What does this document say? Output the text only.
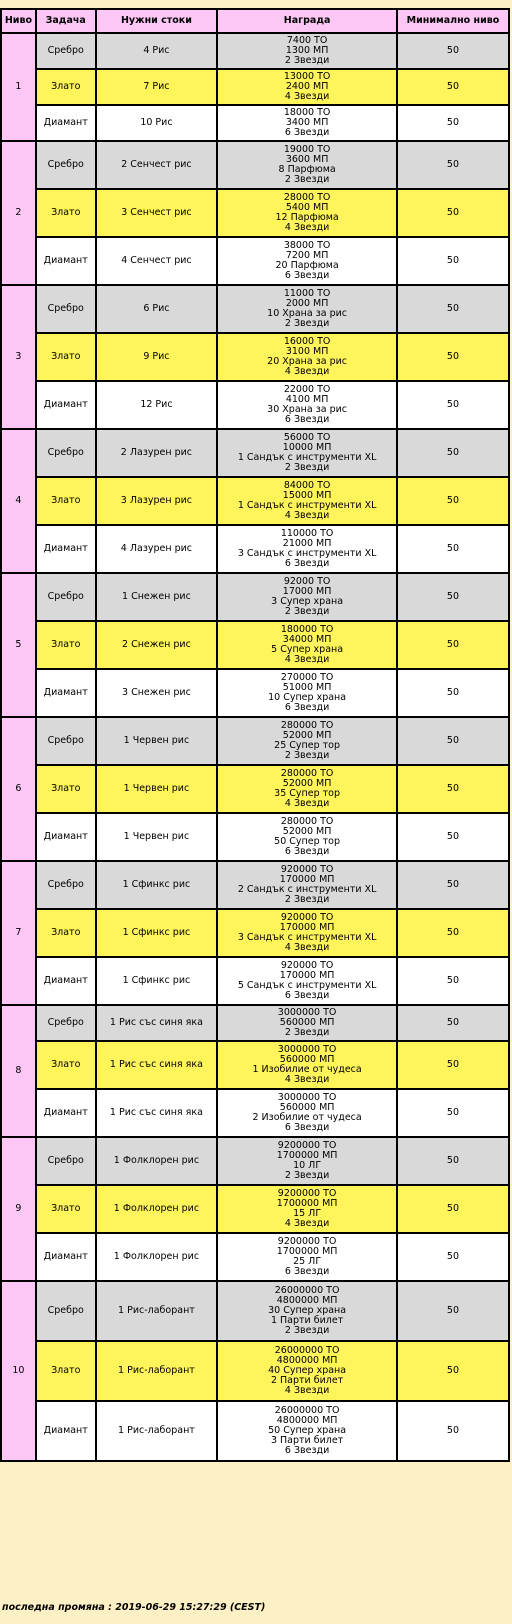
Ниво	Задача	Нужни стоки	Награда	Минимално ниво
1	Сребро	4 Рис	7400 ТО
1300 МП
2 Звезди	50
	Злато	7 Рис	13000 ТО
2400 МП
4 Звезди	50
	Диамант	10 Рис	18000 ТО
3400 МП
6 Звезди	50
2	Сребро	2 Сенчест рис	19000 ТО
3600 МП
8 Парфюма
2 Звезди	50
	Злато	3 Сенчест рис	28000 ТО
5400 МП
12 Парфюма
4 Звезди	50
	Диамант	4 Сенчест рис	38000 ТО
7200 МП
20 Парфюма
6 Звезди	50
3	Сребро	6 Рис	11000 ТО
2000 МП
10 Храна за рис
2 Звезди	50
	Злато	9 Рис	16000 ТО
3100 МП
20 Храна за рис
4 Звезди	50
	Диамант	12 Рис	22000 ТО
4100 МП
30 Храна за рис
6 Звезди	50
4	Сребро	2 Лазурен рис	56000 ТО
10000 МП
1 Сандък с инструменти XL
2 Звезди	50
	Злато	3 Лазурен рис	84000 ТО
15000 МП
1 Сандък с инструменти XL
4 Звезди	50
	Диамант	4 Лазурен рис	110000 ТО
21000 МП
3 Сандък с инструменти XL
6 Звезди	50
5	Сребро	1 Снежен рис	92000 ТО
17000 МП
3 Супер храна
2 Звезди	50
	Злато	2 Снежен рис	180000 ТО
34000 МП
5 Супер храна
4 Звезди	50
	Диамант	3 Снежен рис	270000 ТО
51000 МП
10 Супер храна
6 Звезди	50
6	Сребро	1 Червен рис	280000 ТО
52000 МП
25 Супер тор
2 Звезди	50
	Злато	1 Червен рис	280000 ТО
52000 МП
35 Супер тор
4 Звезди	50
	Диамант	1 Червен рис	280000 ТО
52000 МП
50 Супер тор
6 Звезди	50
7	Сребро	1 Сфинкс рис	920000 ТО
170000 МП
2 Сандък с инструменти XL
2 Звезди	50
	Злато	1 Сфинкс рис	920000 ТО
170000 МП
3 Сандък с инструменти XL
4 Звезди	50
	Диамант	1 Сфинкс рис	920000 ТО
170000 МП
5 Сандък с инструменти XL
6 Звезди	50
8	Сребро	1 Рис със синя яка	3000000 ТО
560000 МП
2 Звезди	50
	Злато	1 Рис със синя яка	3000000 ТО
560000 МП
1 Изобилие от чудеса
4 Звезди	50
	Диамант	1 Рис със синя яка	3000000 ТО
560000 МП
2 Изобилие от чудеса
6 Звезди	50
9	Сребро	1 Фолклорен рис	9200000 ТО
1700000 МП
10 ЛГ
2 Звезди	50
	Злато	1 Фолклорен рис	9200000 ТО
1700000 МП
15 ЛГ
4 Звезди	50
	Диамант	1 Фолклорен рис	9200000 ТО
1700000 МП
25 ЛГ
6 Звезди	50
10	Сребро	1 Рис-лаборант	26000000 ТО
4800000 МП
30 Супер храна
1 Парти билет
2 Звезди	50
	Злато	1 Рис-лаборант	26000000 ТО
4800000 МП
40 Супер храна
2 Парти билет
4 Звезди	50
	Диамант	1 Рис-лаборант	26000000 ТО
4800000 МП
50 Супер храна
3 Парти билет
6 Звезди	50
последна промяна : 2019-06-29 15:27:29 (CEST)
